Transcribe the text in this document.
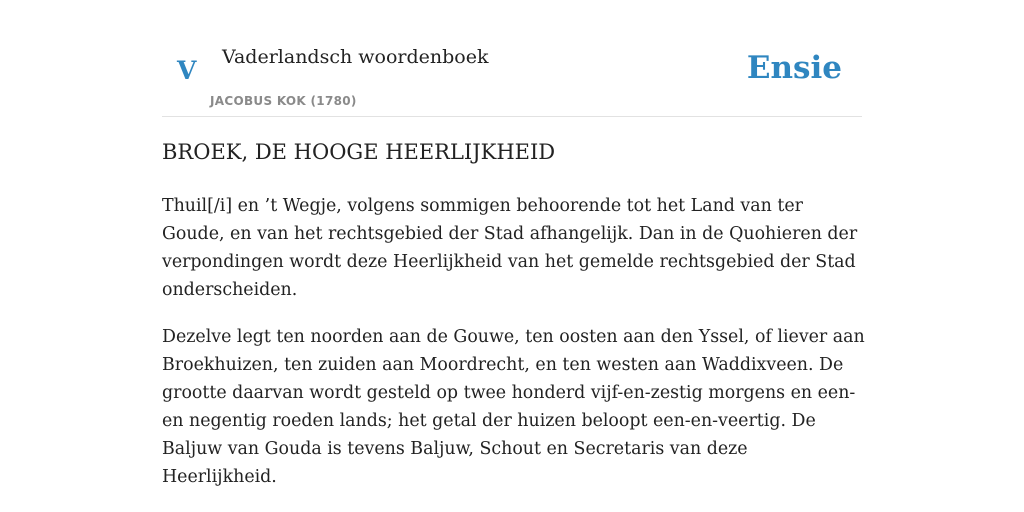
V Vaderlandsch woordenboek
JACOBUS KOK (1780)
Ensie
BROEK, DE HOOGE HEERLIJKHEID

Thuil[/i] en ’t Wegje, volgens sommigen behoorende tot het Land van ter Goude, en van het rechtsgebied der Stad afhangelijk. Dan in de Quohieren der verpondingen wordt deze Heerlijkheid van het gemelde rechtsgebied der Stad onderscheiden.

Dezelve legt ten noorden aan de Gouwe, ten oosten aan den Yssel, of liever aan Broekhuizen, ten zuiden aan Moordrecht, en ten westen aan Waddixveen. De grootte daarvan wordt gesteld op twee honderd vijf-en-zestig morgens en een-en negentig roeden lands; het getal der huizen beloopt een-en-veertig. De Baljuw van Gouda is tevens Baljuw, Schout en Secretaris van deze Heerlijkheid.
